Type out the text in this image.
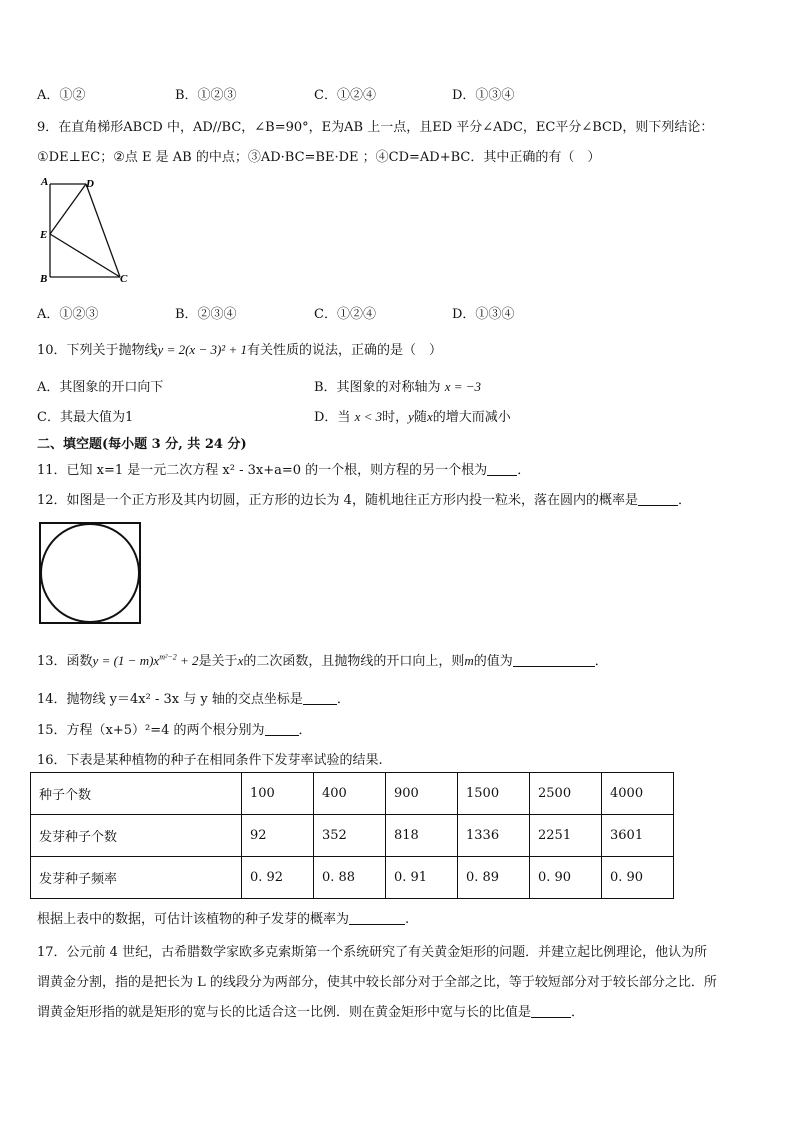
A．①②	B．①②③	C．①②④	D．①③④
9．在直角梯形ABCD 中，AD//BC，∠B=90°，E为AB 上一点，且ED 平分∠ADC，EC平分∠BCD，则下列结论：
①DE⊥EC；②点 E 是 AB 的中点；③AD·BC=BE·DE ；④CD=AD+BC．其中正确的有（　）
A	D
E
B	C
A．①②③	B．②③④	C．①②④	D．①③④
10．下列关于抛物线y = 2(x − 3)² + 1有关性质的说法，正确的是（　）
A．其图象的开口向下	B．其图象的对称轴为 x = −3
C．其最大值为1	D．当 x < 3时，y随x的增大而减小
二、填空题(每小题 3 分, 共 24 分)
11．已知 x=1 是一元二次方程 x² - 3x+a=0 的一个根，则方程的另一个根为 ．
12．如图是一个正方形及其内切圆，正方形的边长为 4，随机地往正方形内投一粒米，落在圆内的概率是	．
13．函数$y = (1 - m)x^{m^2-2} + 2$是关于x的二次函数，且抛物线的开口向上，则m的值为	．
14．抛物线 y＝4x² - 3x 与 y 轴的交点坐标是	．
15．方程（x+5）²=4 的两个根分别为	．
16．下表是某种植物的种子在相同条件下发芽率试验的结果.
种子个数	100	400	900	1500	2500	4000
发芽种子个数	92	352	818	1336	2251	3601
发芽种子频率	0. 92	0. 88	0. 91	0. 89	0. 90	0. 90
根据上表中的数据，可估计该植物的种子发芽的概率为	.
17．公元前 4 世纪，古希腊数学家欧多克索斯第一个系统研究了有关黄金矩形的问题．并建立起比例理论，他认为所
谓黄金分割，指的是把长为 L 的线段分为两部分，使其中较长部分对于全部之比，等于较短部分对于较长部分之比．所
谓黄金矩形指的就是矩形的宽与长的比适合这一比例．则在黄金矩形中宽与长的比值是	．
